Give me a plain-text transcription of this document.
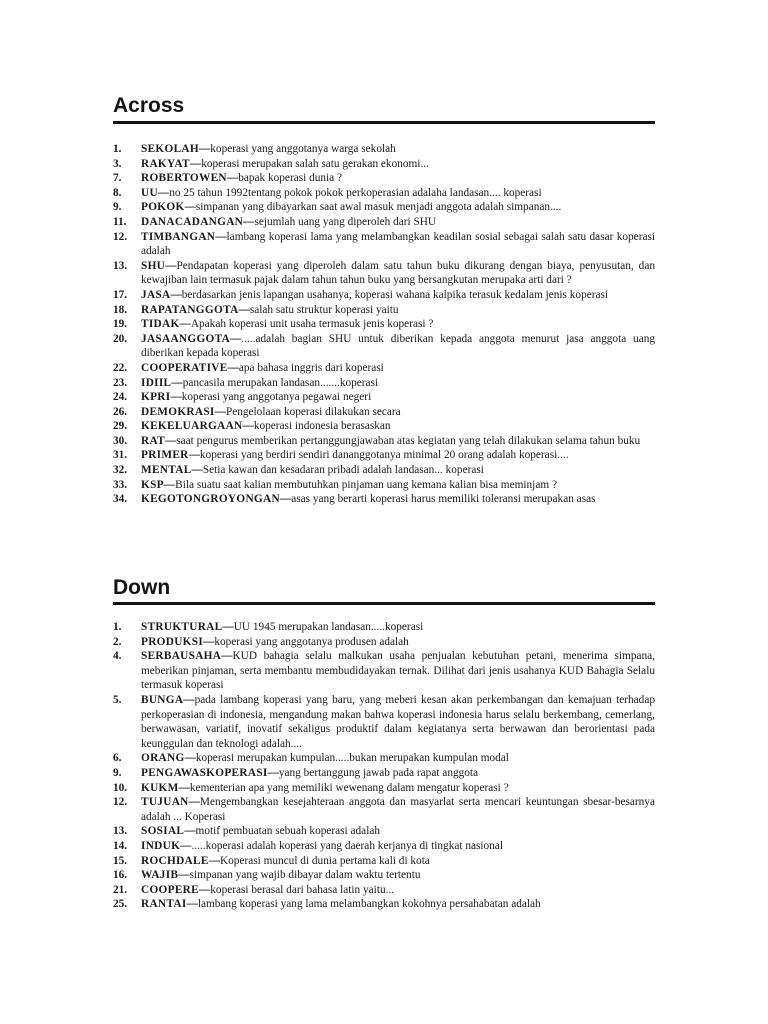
Across
1.	SEKOLAH—koperasi yang anggotanya warga sekolah
3.	RAKYAT—koperasi merupakan salah satu gerakan ekonomi...
7.	ROBERTOWEN—bapak koperasi dunia ?
8.	UU—no 25 tahun 1992tentang pokok pokok perkoperasian adalaha landasan.... koperasi
9.	POKOK—simpanan yang dibayarkan saat awal masuk menjadi anggota adalah simpanan....
11.	DANACADANGAN—sejumlah uang yang diperoleh dari SHU
12.	TIMBANGAN—lambang koperasi lama yang melambangkan keadilan sosial sebagai salah satu dasar koperasi adalah
13.	SHU—Pendapatan koperasi yang diperoleh dalam satu tahun buku dikurang dengan biaya, penyusutan, dan kewajiban lain termasuk pajak dalam tahun tahun buku yang bersangkutan merupaka arti dari ?
17.	JASA—berdasarkan jenis lapangan usahanya, koperasi wahana kalpika terasuk kedalam jenis koperasi
18.	RAPATANGGOTA—salah satu struktur koperasi yaitu
19.	TIDAK—Apakah koperasi unit usaha termasuk jenis koperasi ?
20.	JASAANGGOTA—.....adalah bagian SHU untuk diberikan kepada anggota menurut jasa anggota uang diberikan kepada koperasi
22.	COOPERATIVE—apa bahasa inggris dari koperasi
23.	IDIIL—pancasila merupakan landasan.......koperasi
24.	KPRI—koperasi yang anggotanya pegawai negeri
26.	DEMOKRASI—Pengelolaan koperasi dilakukan secara
29.	KEKELUARGAAN—koperasi indonesia berasaskan
30.	RAT—saat pengurus memberikan pertanggungjawaban atas kegiatan yang telah dilakukan selama tahun buku
31.	PRIMER—koperasi yang berdiri sendiri dananggotanya minimal 20 orang adalah koperasi....
32.	MENTAL—Setia kawan dan kesadaran pribadi adalah landasan... koperasi
33.	KSP—Bila suatu saat kalian membutuhkan pinjaman uang kemana kalian bisa meminjam ?
34.	KEGOTONGROYONGAN—asas yang berarti koperasi harus memiliki toleransi merupakan asas
Down
1.	STRUKTURAL—UU 1945 merupakan landasan.....koperasi
2.	PRODUKSI—koperasi yang anggotanya produsen adalah
4.	SERBAUSAHA—KUD bahagia selalu malkukan usaha penjualan kebutuhan petani, menerima simpana, meberikan pinjaman, serta membantu membudidayakan ternak. Dilihat dari jenis usahanya KUD Bahagia Selalu termasuk koperasi
5.	BUNGA—pada lambang koperasi yang baru, yang meberi kesan akan perkembangan dan kemajuan terhadap perkoperasian di indonesia, mengandung makan bahwa koperasi indonesia harus selalu berkembang, cemerlang, berwawasan, variatif, inovatif sekaligus produktif dalam kegiatanya serta berwawan dan berorientasi pada keunggulan dan teknologi adalah....
6.	ORANG—koperasi merupakan kumpulan.....bukan merupakan kumpulan modal
9.	PENGAWASKOPERASI—yang bertanggung jawab pada rapat anggota
10.	KUKM—kementerian apa yang memiliki wewenang dalam mengatur koperasi ?
12.	TUJUAN—Mengembangkan kesejahteraan anggota dan masyarlat serta mencari keuntungan sbesar-besarnya adalah ... Koperasi
13.	SOSIAL—motif pembuatan sebuah koperasi adalah
14.	INDUK—.....koperasi adalah koperasi yang daerah kerjanya di tingkat nasional
15.	ROCHDALE—Koperasi muncul di dunia pertama kali di kota
16.	WAJIB—simpanan yang wajib dibayar dalam waktu tertentu
21.	COOPERE—koperasi berasal dari bahasa latin yaitu...
25.	RANTAI—lambang koperasi yang lama melambangkan kokohnya persahabatan adalah
